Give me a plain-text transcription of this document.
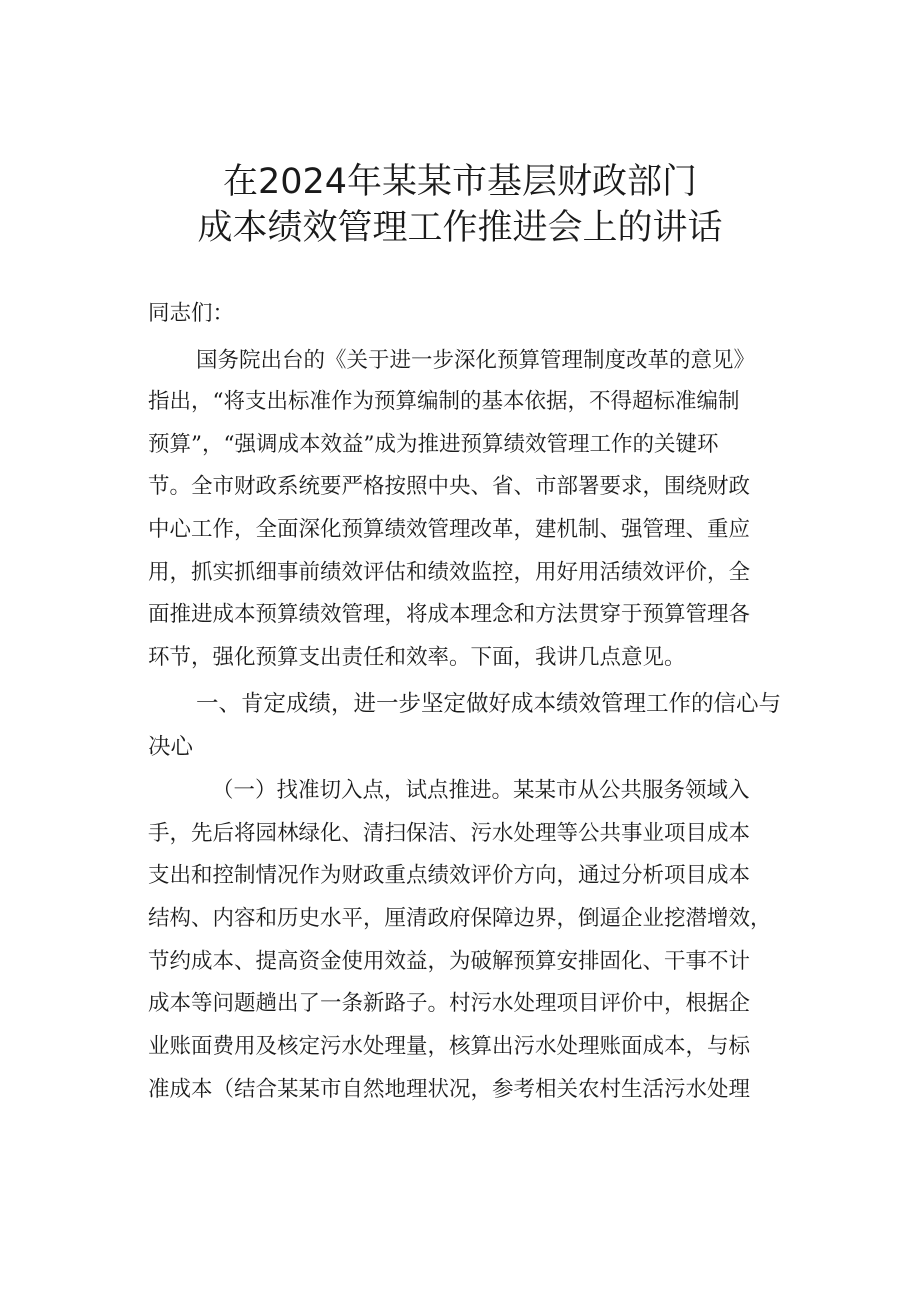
在2024年某某市基层财政部门
成本绩效管理工作推进会上的讲话
同志们：
国务院出台的《关于进一步深化预算管理制度改革的意见》
指出，“将支出标准作为预算编制的基本依据，不得超标准编制
预算”，“强调成本效益”成为推进预算绩效管理工作的关键环
节。全市财政系统要严格按照中央、省、市部署要求，围绕财政
中心工作，全面深化预算绩效管理改革，建机制、强管理、重应
用，抓实抓细事前绩效评估和绩效监控，用好用活绩效评价，全
面推进成本预算绩效管理，将成本理念和方法贯穿于预算管理各
环节，强化预算支出责任和效率。下面，我讲几点意见。
一、肯定成绩，进一步坚定做好成本绩效管理工作的信心与
决心
（一）找准切入点，试点推进。某某市从公共服务领域入
手，先后将园林绿化、清扫保洁、污水处理等公共事业项目成本
支出和控制情况作为财政重点绩效评价方向，通过分析项目成本
结构、内容和历史水平，厘清政府保障边界，倒逼企业挖潜增效，
节约成本、提高资金使用效益，为破解预算安排固化、干事不计
成本等问题趟出了一条新路子。村污水处理项目评价中，根据企
业账面费用及核定污水处理量，核算出污水处理账面成本，与标
准成本（结合某某市自然地理状况，参考相关农村生活污水处理
